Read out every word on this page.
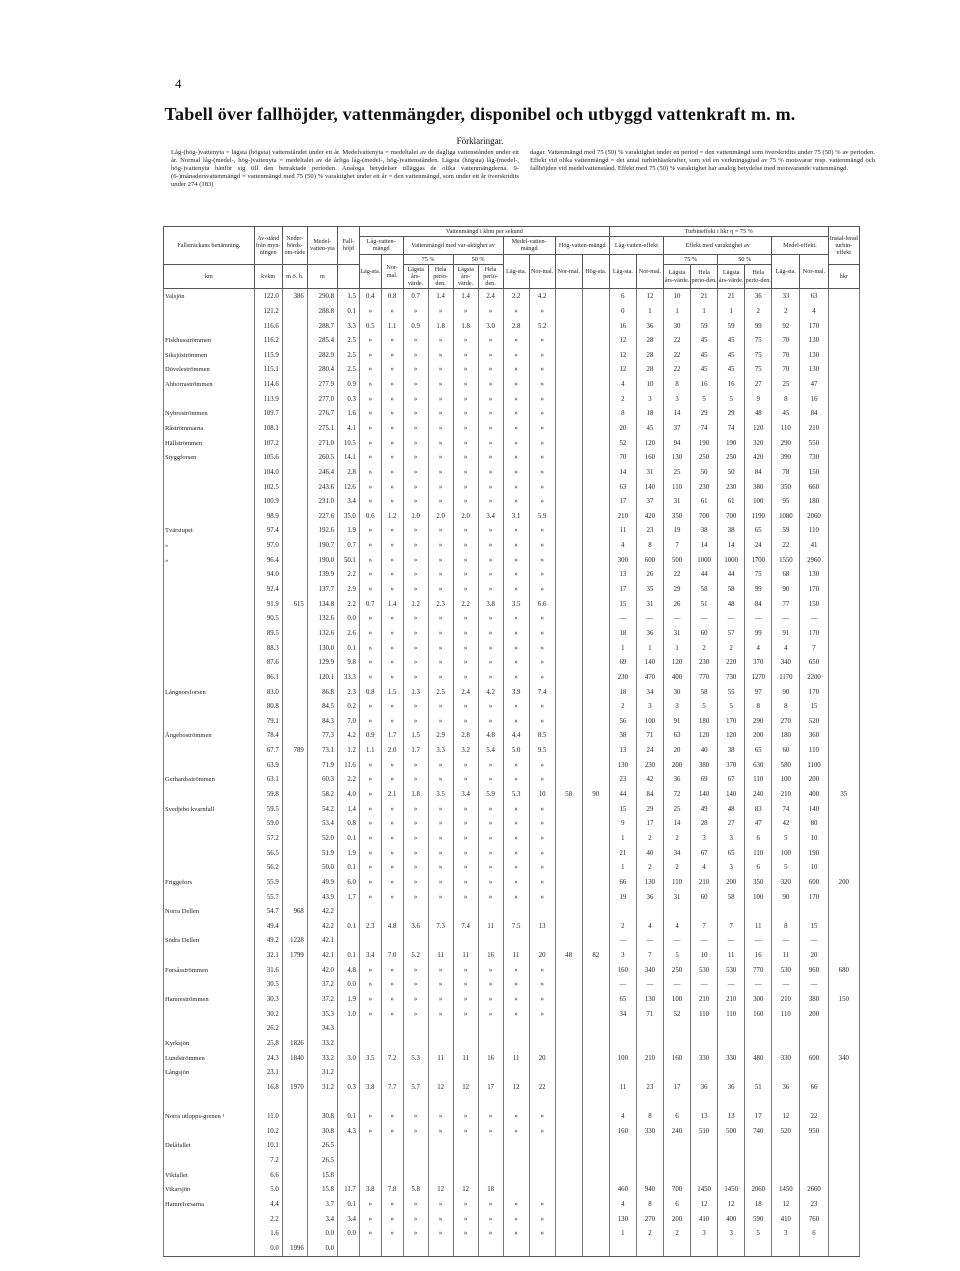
4
Tabell över fallhöjder, vattenmängder, disponibel och utbyggd vattenkraft m. m.
Förklaringar.

Låg-(hög-)vattenyta = lägsta (högsta) vattenståndet under ett år. Medelvattenyta = medeltalet av de dagliga vattenstånden under ett år. Normal låg-(medel-, hög-)vattenyta = medeltalet av de årliga låg-(medel-, hög-)vattenstånden. Lägsta (högsta) låg-(medel-, hög-)vattenyta hänför sig till den betraktade perioden. Analoga betydelser tilläggas de olika vattenmängderna. 9-(6-)månadersvattenmängd = vattenmängd med 75 (50) % varaktighet under ett år = den vattenmängd, som under ett år överskridits under 274 (183)

dagar. Vattenmängd med 75 (50) % varaktighet under en period = den vattenmängd som överskridits under 75 (50) % av perioden. Effekt vid olika vattenmängd = det antal turbinhästkrafter, som vid en verkningsgrad av 75 % motsvarar resp. vattenmängd och fallhöjden vid medelvattenstånd. Effekt med 75 (50) % varaktighet har analog betydelse med motsvarande vattenmängd.

Fallsträckans benämning.	Av-stånd från myn-ningen	Neder-börds-om-råde	Medel-vatten-yta	Fall-höjd	Vattenmängd i kbm per sekund										Turbineffekt i hkr η = 75 %								Instal-lerad turbin-effekt
					Låg-vatten-mängd		Vattenmängd med var-aktighet av				Medel-vatten-mängd		Hög-vatten-mängd		Låg-vatten-effekt		Effekt med varaktighet av				Medel-effekt.		
					Läg-sta.	Nor-mal.	75 %		50 %		Läg-sta.	Nor-mal.	Nor-mal.	Hög-sta.	Läg-sta.	Nor-mal.	75 %		50 %		Läg-sta.	Nor-mal.	
km	kvkm	m ö. h.	m				Lägsta års-värde.	Hela perio-den.	Lägsta års-värde.	Hela perio-den.							Lägsta års-värde.	Hela perio-den.	Lägsta års-värde.	Hela perio-den.			hkr
Valsjön	122.0	386	290.8	1.5	0.4	0.8	0.7	1.4	1.4	2.4	2.2	4.2			6	12	10	21	21	36	33	63	
	121.2		288.8	0.1	»	»	»	»	»	»	»	»			0	1	1	1	1	2	2	4	
	116.6		288.7	3.3	0.5	1.1	0.9	1.8	1.8	3.0	2.8	5.2			16	36	30	59	59	99	92	170	
Fiskhusströmmen	116.2		285.4	2.5	»	»	»	»	»	»	»	»			12	28	22	45	45	75	70	130	
Siksjöströmmen	115.9		282.9	2.5	»	»	»	»	»	»	»	»			12	28	22	45	45	75	70	130	
Döveleströmmen	115.1		280.4	2.5	»	»	»	»	»	»	»	»			12	28	22	45	45	75	70	130	
Abborraströmmen	114.6		277.9	0.9	»	»	»	»	»	»	»	»			4	10	8	16	16	27	25	47	
	113.9		277.0	0.3	»	»	»	»	»	»	»	»			2	3	3	5	5	9	8	16	
Nybroströmmen	109.7		276.7	1.6	»	»	»	»	»	»	»	»			8	18	14	29	29	48	45	84	
Råströmmarna	108.1		275.1	4.1	»	»	»	»	»	»	»	»			20	45	37	74	74	120	110	210	
Hällströmmen	107.2		271.0	10.5	»	»	»	»	»	»	»	»			52	120	94	190	190	320	290	550	
Styggforsen	105.6		260.5	14.1	»	»	»	»	»	»	»	»			70	160	130	250	250	420	390	730	
	104.0		246.4	2.8	»	»	»	»	»	»	»	»			14	31	25	50	50	84	78	150	
	102.5		243.6	12.6	»	»	»	»	»	»	»	»			63	140	110	230	230	380	350	660	
	100.9		231.0	3.4	»	»	»	»	»	»	»	»			17	37	31	61	61	100	95	180	
	98.9		227.6	35.0	0.6	1.2	1.0	2.0	2.0	3.4	3.1	5.9			210	420	350	700	700	1190	1080	2060	
Tvärstupet	97.4		192.6	1.9	»	»	»	»	»	»	»	»			11	23	19	38	38	65	59	110	
»	97.0		190.7	0.7	»	»	»	»	»	»	»	»			4	8	7	14	14	24	22	41	
»	96.4		190.0	50.1	»	»	»	»	»	»	»	»			300	600	500	1000	1000	1700	1550	2960	
	94.0		139.9	2.2	»	»	»	»	»	»	»	»			13	26	22	44	44	75	68	130	
	92.4		137.7	2.9	»	»	»	»	»	»	»	»			17	35	29	58	58	99	90	170	
	91.9	615	134.8	2.2	0.7	1.4	1.2	2.3	2.2	3.8	3.5	6.6			15	31	26	51	48	84	77	150	
	90.5		132.6	0.0	»	»	»	»	»	»	»	»			—	—	—	—	—	—	—	—	
	89.5		132.6	2.6	»	»	»	»	»	»	»	»			18	36	31	60	57	99	91	170	
	88.3		130.0	0.1	»	»	»	»	»	»	»	»			1	1	1	2	2	4	4	7	
	87.6		129.9	9.8	»	»	»	»	»	»	»	»			69	140	120	230	220	370	340	650	
	86.1		120.1	33.3	»	»	»	»	»	»	»	»			230	470	400	770	730	1270	1170	2200	
Långnorsforsen	83.0		86.8	2.3	0.8	1.5	1.3	2.5	2.4	4.2	3.9	7.4			18	34	30	58	55	97	90	170	
	80.8		84.5	0.2	»	»	»	»	»	»	»	»			2	3	3	5	5	8	8	15	
	79.1		84.3	7.0	»	»	»	»	»	»	»	»			56	100	91	180	170	290	270	520	
Ångeboströmmen	78.4		77.3	4.2	0.9	1.7	1.5	2.9	2.8	4.8	4.4	8.5			38	71	63	120	120	200	180	360	
	67.7	789	73.1	1.2	1.1	2.0	1.7	3.3	3.2	5.4	5.0	9.5			13	24	20	40	38	65	60	110	
	63.9		71.9	11.6	»	»	»	»	»	»	»	»			130	230	200	380	370	630	580	1100	
Gerhardsströmmen	63.1		60.3	2.2	»	»	»	»	»	»	»	»			23	42	36	69	67	110	100	200	
	59.8		58.2	4.0	»	2.1	1.8	3.5	3.4	5.9	5.3	10	58	90	44	84	72	140	140	240	210	400	35
Svedjebo kvarnfall	59.5		54.2	1.4	»	»	»	»	»	»	»	»			15	29	25	49	48	83	74	140	
	59.0		53.4	0.8	»	»	»	»	»	»	»	»			9	17	14	28	27	47	42	80	
	57.2		52.0	0.1	»	»	»	»	»	»	»	»			1	2	2	3	3	6	5	10	
	56.5		51.9	1.9	»	»	»	»	»	»	»	»			21	40	34	67	65	110	100	190	
	56.2		50.0	0.1	»	»	»	»	»	»	»	»			1	2	2	4	3	6	5	10	
Friggefors	55.9		49.9	6.0	»	»	»	»	»	»	»	»			66	130	110	210	200	350	320	600	200
	55.7		43.9	1.7	»	»	»	»	»	»	»	»			19	36	31	60	58	100	90	170	
Norra Dellen	54.7	968	42.2																				
	49.4		42.2	0.1	2.3	4.8	3.6	7.3	7.4	11	7.5	13			2	4	4	7	7	11	8	15	
Södra Dellen	49.2	1228	42.1												—	—	—	—	—	—	—	—	
	32.1	1799	42.1	0.1	3.4	7.0	5.2	11	11	16	11	20	48	82	3	7	5	10	11	16	11	20	
Forsåsströmmen	31.6		42.0	4.8	»	»	»	»	»	»	»	»			160	340	250	530	530	770	530	960	680
	30.5		37.2	0.0	»	»	»	»	»	»	»	»			—	—	—	—	—	—	—	—	
Hamreströmmen	30.3		37.2	1.9	»	»	»	»	»	»	»	»			65	130	100	210	210	300	210	380	150
	30.2		35.3	1.0	»	»	»	»	»	»	»	»			34	71	52	110	110	160	110	200	
	26.2		34.3																				
Kyrksjön	25.8	1826	33.2																				
Lundströmmen	24.3	1840	33.2	3.0	3.5	7.2	5.3	11	11	16	11	20			100	210	160	330	330	480	330	600	340
Långsjön	23.1		31.2																				
	16.8	1970	31.2	0.3	3.8	7.7	5.7	12	12	17	12	22			11	23	17	36	36	51	36	66	

Norra utlopps-grenen ¹	11.0		30.8	0.1	»	»	»	»	»	»	»	»			4	8	6	13	13	17	12	22	
	10.2		30.8	4.3	»	»	»	»	»	»	»	»			160	330	240	510	500	740	520	950	
Delåfallet	10.1		26.5																				
	7.2		26.5																				
Vikfallet	6.6		15.8																				
Vikarsjön	5.0		15.8	11.7	3.8	7.8	5.8	12	12	18					460	940	700	1450	1450	2060	1450	2660	
Hamreforsarna	4.4		3.7	0.1	»	»	»	»	»	»	»	»			4	8	6	12	12	18	12	23	
	2.2		3.4	3.4	»	»	»	»	»	»	»	»			130	270	200	410	400	590	410	760	
	1.6		0.0	0.0	»	»	»	»	»	»	»	»			1	2	2	3	3	5	3	6	
	0.0	1996	0.0																				
